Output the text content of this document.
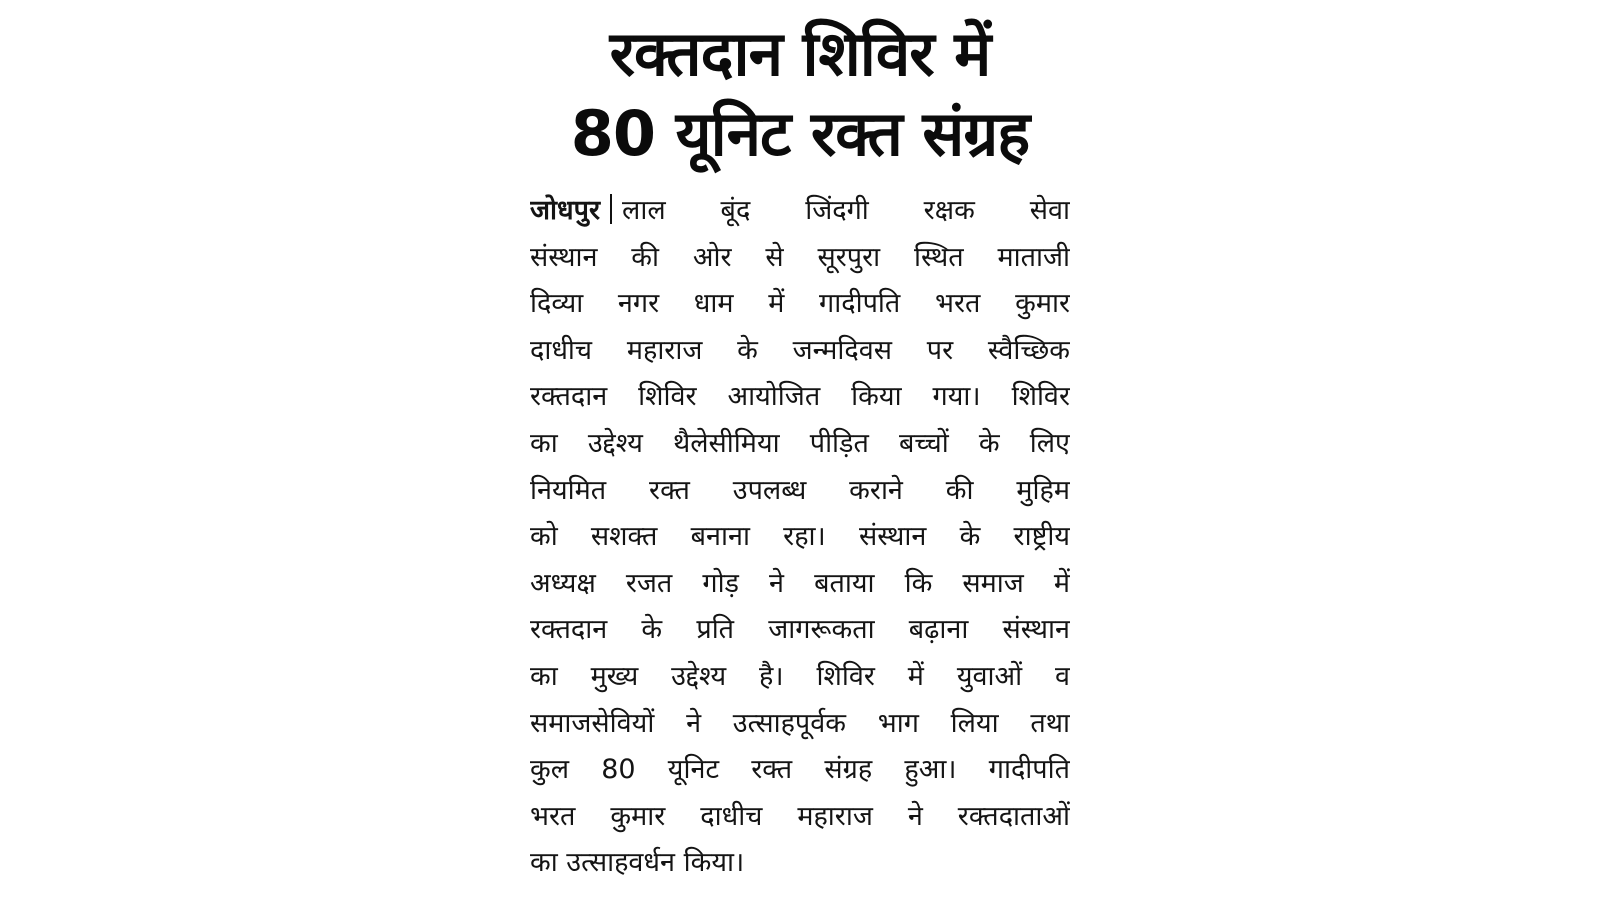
रक्तदान शिविर में
80 यूनिट रक्त संग्रह
जोधपुर लाल बूंद जिंदगी रक्षक सेवा
संस्थान की ओर से सूरपुरा स्थित माताजी
दिव्या नगर धाम में गादीपति भरत कुमार
दाधीच महाराज के जन्मदिवस पर स्वैच्छिक
रक्तदान शिविर आयोजित किया गया। शिविर
का उद्देश्य थैलेसीमिया पीड़ित बच्चों के लिए
नियमित रक्त उपलब्ध कराने की मुहिम
को सशक्त बनाना रहा। संस्थान के राष्ट्रीय
अध्यक्ष रजत गोड़ ने बताया कि समाज में
रक्तदान के प्रति जागरूकता बढ़ाना संस्थान
का मुख्य उद्देश्य है। शिविर में युवाओं व
समाजसेवियों ने उत्साहपूर्वक भाग लिया तथा
कुल 80 यूनिट रक्त संग्रह हुआ। गादीपति
भरत कुमार दाधीच महाराज ने रक्तदाताओं
का उत्साहवर्धन किया।
